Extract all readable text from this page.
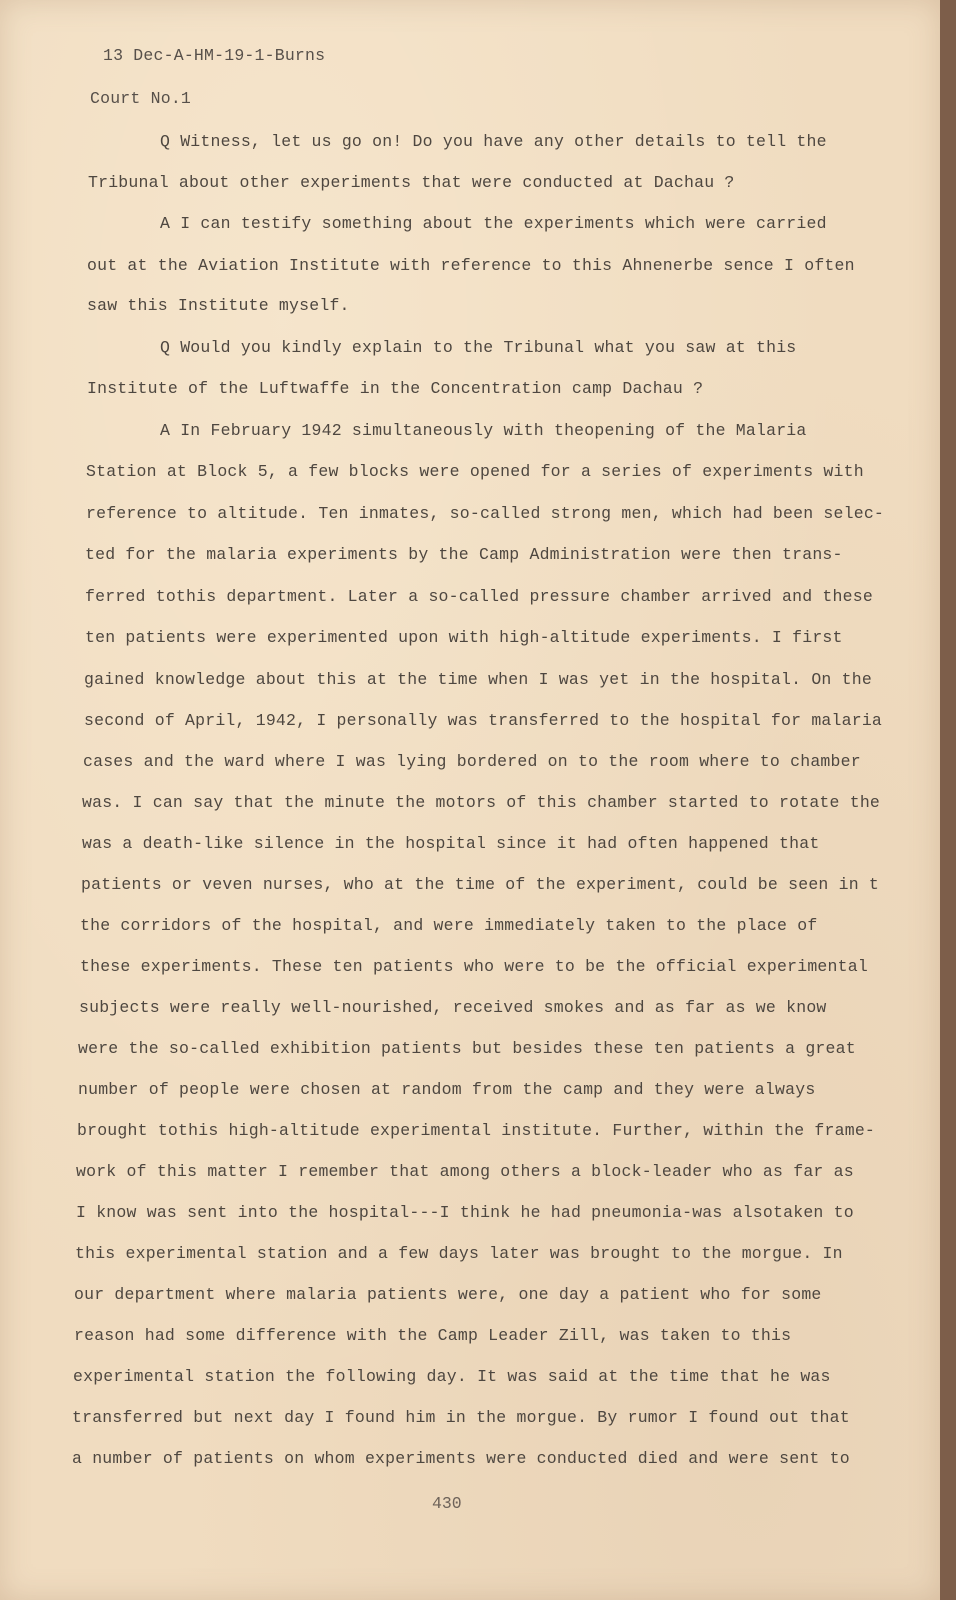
13 Dec-A-HM-19-1-Burns
Court No.1
Q Witness, let us go on! Do you have any other details to tell the
Tribunal about other experiments that were conducted at Dachau ?
A I can testify something about the experiments which were carried
out at the Aviation Institute with reference to this Ahnenerbe sence I often
saw this Institute myself.
Q Would you kindly explain to the Tribunal what you saw at this
Institute of the Luftwaffe in the Concentration camp Dachau ?
A In February 1942 simultaneously with theopening of the Malaria
Station at Block 5, a few blocks were opened for a series of experiments with
reference to altitude. Ten inmates, so-called strong men, which had been selec-
ted for the malaria experiments by the Camp Administration were then trans-
ferred tothis department. Later a so-called pressure chamber arrived and these
ten patients were experimented upon with high-altitude experiments. I first
gained knowledge about this at the time when I was yet in the hospital. On the
second of April, 1942, I personally was transferred to the hospital for malaria
cases and the ward where I was lying bordered on to the room where to chamber
was. I can say that the minute the motors of this chamber started to rotate the
was a death-like silence in the hospital since it had often happened that
patients or veven nurses, who at the time of the experiment, could be seen in t
the corridors of the hospital, and were immediately taken to the place of
these experiments. These ten patients who were to be the official experimental
subjects were really well-nourished, received smokes and as far as we know
were the so-called exhibition patients but besides these ten patients a great
number of people were chosen at random from the camp and they were always
brought tothis high-altitude experimental institute. Further, within the frame-
work of this matter I remember that among others a block-leader who as far as
I know was sent into the hospital---I think he had pneumonia-was alsotaken to
this experimental station and a few days later was brought to the morgue. In
our department where malaria patients were, one day a patient who for some
reason had some difference with the Camp Leader Zill, was taken to this
experimental station the following day. It was said at the time that he was
transferred but next day I found him in the morgue. By rumor I found out that
a number of patients on whom experiments were conducted died and were sent to
430
